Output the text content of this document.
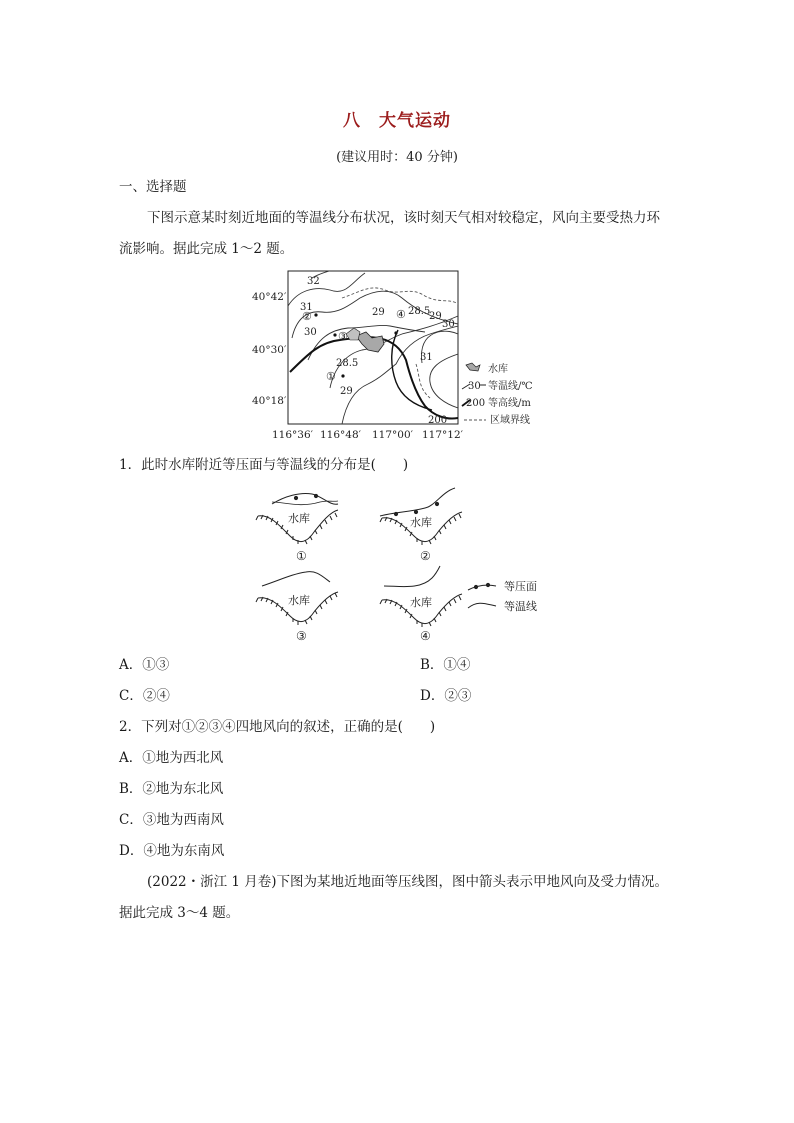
八　大气运动
(建议用时：40 分钟)
一、选择题
下图示意某时刻近地面的等温线分布状况，该时刻天气相对较稳定，风向主要受热力环
流影响。据此完成 1～2 题。
40°42′
40°30′
40°18′
116°36′ 116°48′ 117°00′ 117°12′
32
31
30
29 28.5
28.5
29
30
31
29
200
①
②
③
④
水库
30 等温线/℃
200 等高线/m
区域界线
1．此时水库附近等压面与等温线的分布是(　　)
水库	水库
水库	水库
①	②
③	④
等压面
等温线
A．①③	B．①④
C．②④	D．②③
2．下列对①②③④四地风向的叙述，正确的是(　　)
A．①地为西北风
B．②地为东北风
C．③地为西南风
D．④地为东南风
(2022・浙江 1 月卷)下图为某地近地面等压线图，图中箭头表示甲地风向及受力情况。
据此完成 3～4 题。
